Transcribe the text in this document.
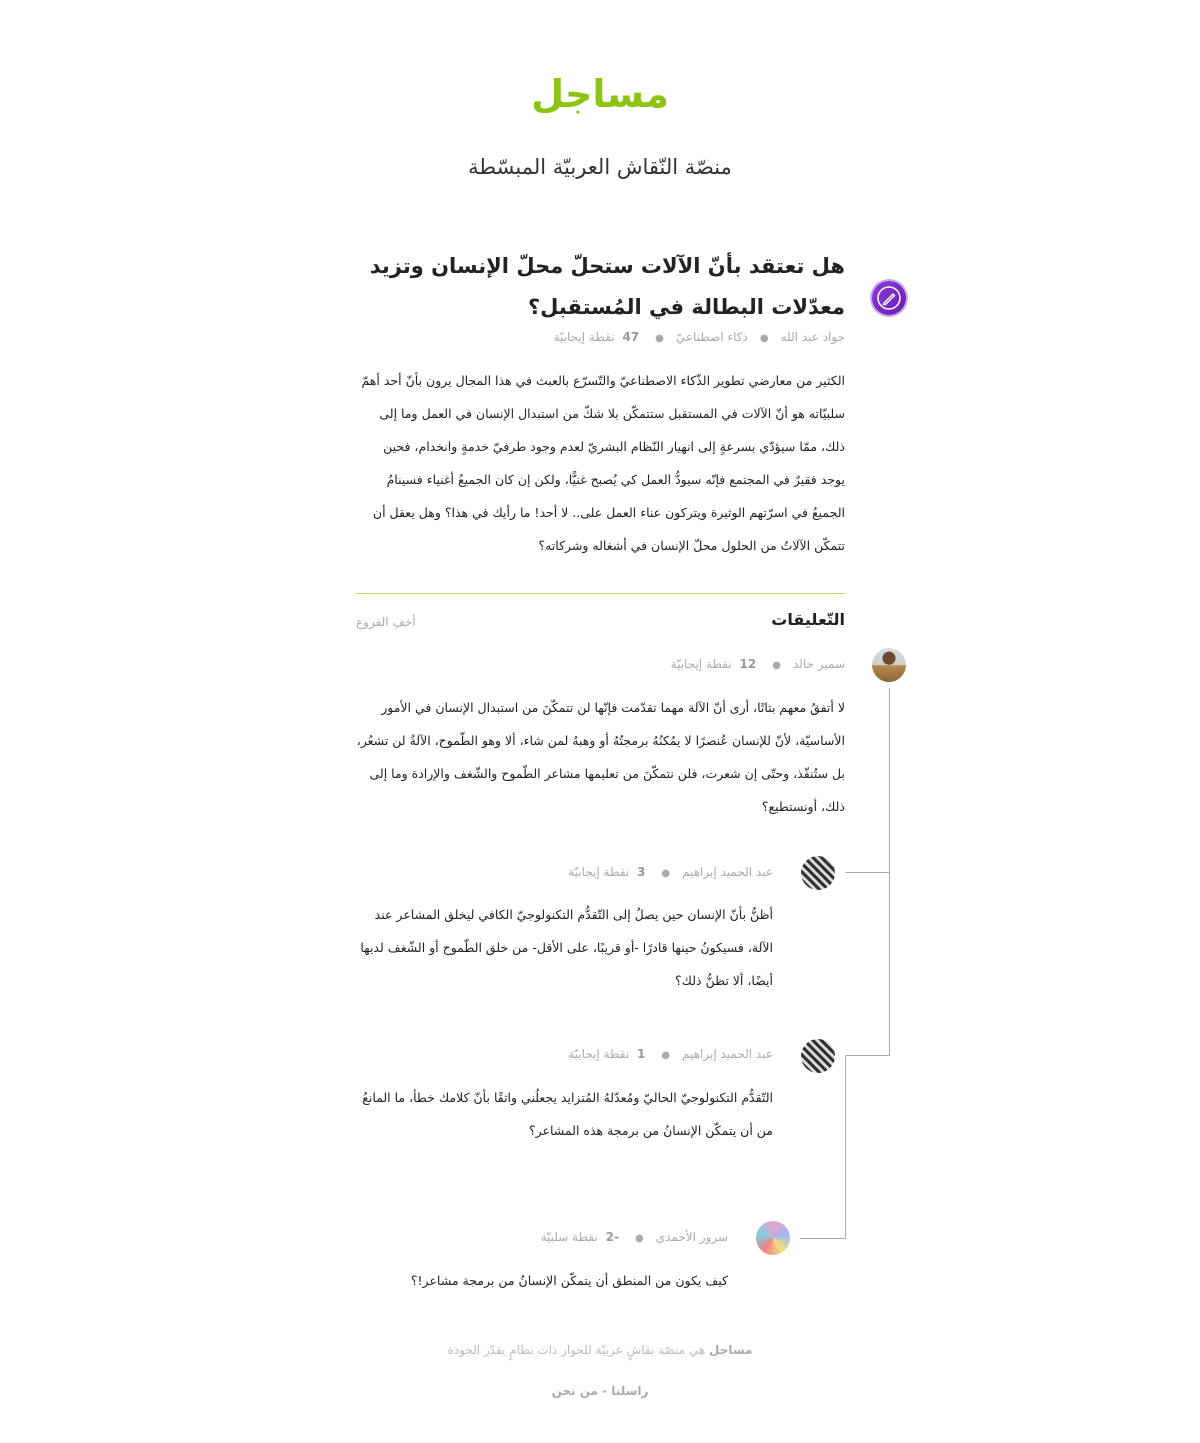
مساجل
منصّة النّقاش العربيّة المبسّطة
هل تعتقد بأنّ الآلات ستحلّ محلّ الإنسان وتزيد معدّلات البطالة في المُستقبل؟
جواد عبد الله●ذكاء اصطناعيّ●47 نقطة إيجابيّة
الكثير من معارضي تطوير الذّكاء الاصطناعيّ والتّسرّع بالعبث في هذا المجال يرون بأنّ أحد أهمّ سلبيّاته هو أنّ الآلات في المستقبل ستتمكّن بلا شكّ من استبدال الإنسان في العمل وما إلى ذلك، ممّا سيؤدّي بسرعةٍ إلى انهيار النّظام البشريّ لعدم وجود طرفيّ خدمةٍ وانخدام، فحين يوجد فقيرٌ في المجتمع فإنّه سيودُّ العمل كي يُصبح غنيًّا، ولكن إن كان الجميعُ أغنياء فسينامُ الجميعُ في اسرّتهم الوثيرة ويتركون عناء العمل على.. لا أحد! ما رأيك في هذا؟ وهل يعقل أن تتمكّن الآلاتُ من الحلول محلّ الإنسان في أشغاله وشركاته؟
التّعليقات
أخفِ الفروع
سمير خالد●12 نقطة إيجابيّة
لا أتفقُ معهم بتاتًا، أرى أنّ الآلة مهما تقدّمت فإنّها لن تتمكّنَ من استبدال الإنسان في الأمور الأساسيّة، لأنّ للإنسان عُنصرًا لا يمُكنُهُ برمجتُهُ أو وهبهُ لمن شاء، ألا وهو الطّموح، الآلةُ لن تشعُر، بل ستُنفّذ، وحتّى إن شعرت، فلن نتمكّنَ من تعليمها مشاعر الطّموح والشّغف والإرادة وما إلى ذلك، أونستطيع؟
عبد الحميد إبراهيم●3 نقطة إيجابيّة
أظنُّ بأنّ الإنسان حين يصلُ إلى التّقدُّم التكنولوجيّ الكافي ليخلق المشاعر عند الآلة، فسيكونُ حينها قادرًا -أو قريبًا، على الأقل- من خلق الطّموح أو الشّغف لديها أيضًا، ألا تظنُّ ذلك؟
عبد الحميد إبراهيم●1 نقطة إيجابيّة
التّقدُّم التكنولوجيّ الحاليّ ومُعدّلهُ المُتزايد يجعلُني واثقًا بأنّ كلامك خطأ، ما المانعُ من أن يتمكّن الإنسانُ من برمجة هذه المشاعر؟
سرور الأحمدي●-2 نقطة سلبيّة
كيف يكون من المنطق أن يتمكّن الإنسانُ من برمجة مشاعر!؟
مساجل هي منصّة نقاشٍ عربيّة للحوار ذات نظامٍ يقدّر الجودة
راسلنا - من نحن
